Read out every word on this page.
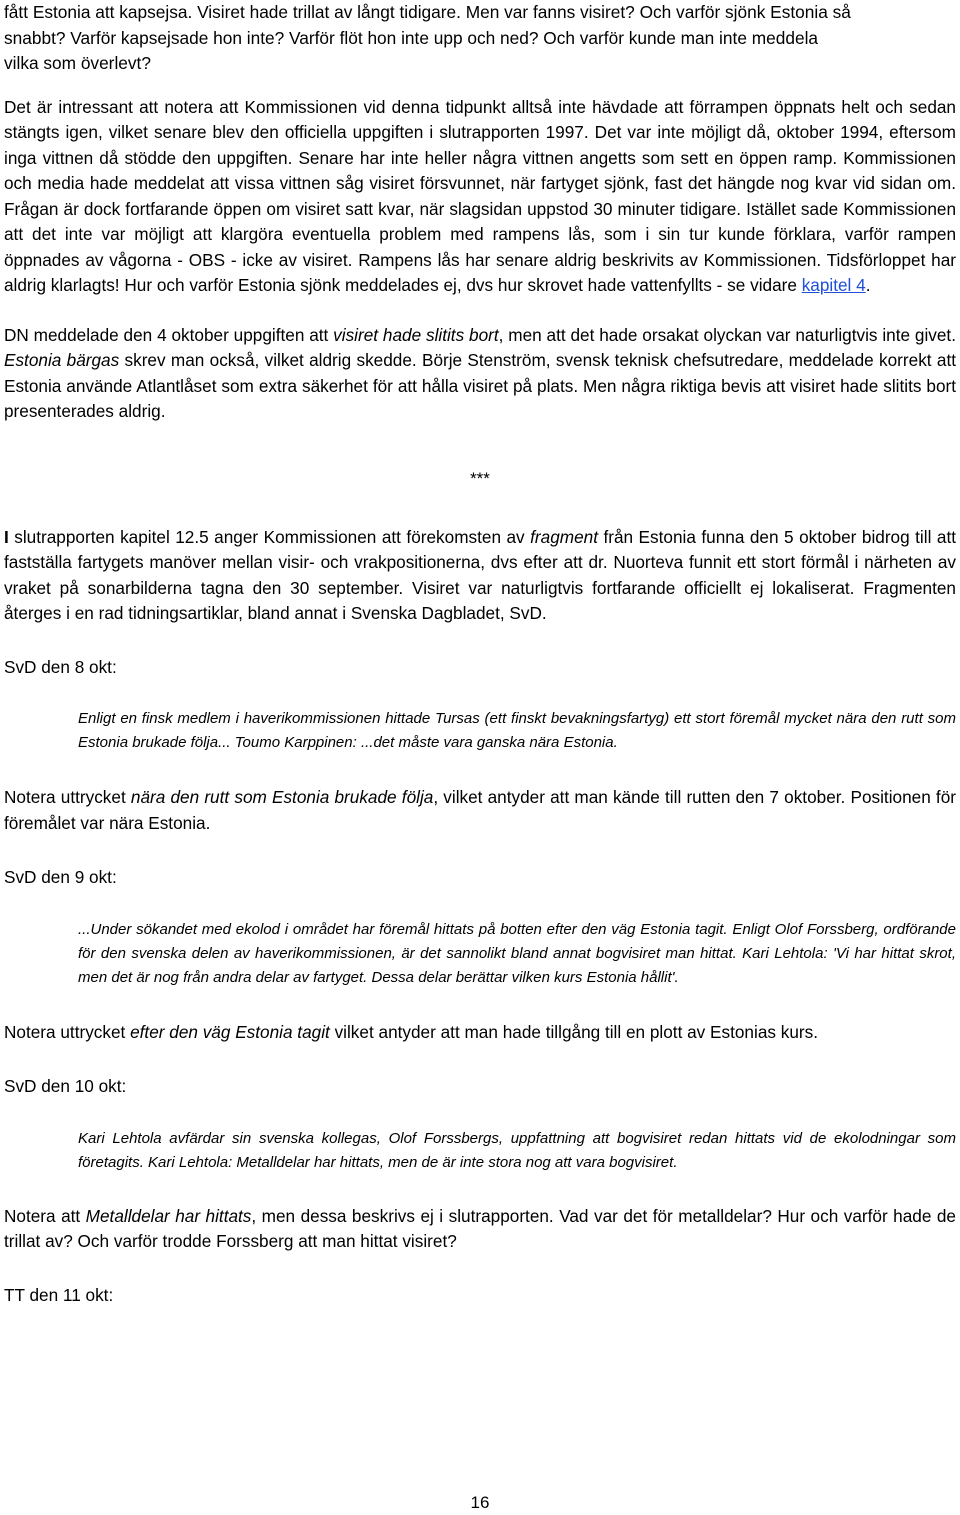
fått Estonia att kapsejsa. Visiret hade trillat av långt tidigare. Men var fanns visiret? Och varför sjönk Estonia så

snabbt? Varför kapsejsade hon inte? Varför flöt hon inte upp och ned? Och varför kunde man inte meddela

vilka som överlevt?

Det är intressant att notera att Kommissionen vid denna tidpunkt alltså inte hävdade att förrampen öppnats helt och sedan stängts igen, vilket senare blev den officiella uppgiften i slutrapporten 1997. Det var inte möjligt då, oktober 1994, eftersom inga vittnen då stödde den uppgiften. Senare har inte heller några vittnen angetts som sett en öppen ramp. Kommissionen och media hade meddelat att vissa vittnen såg visiret försvunnet, när fartyget sjönk, fast det hängde nog kvar vid sidan om. Frågan är dock fortfarande öppen om visiret satt kvar, när slagsidan uppstod 30 minuter tidigare. Istället sade Kommissionen att det inte var möjligt att klargöra eventuella problem med rampens lås, som i sin tur kunde förklara, varför rampen öppnades av vågorna - OBS - icke av visiret. Rampens lås har senare aldrig beskrivits av Kommissionen. Tidsförloppet har aldrig klarlagts! Hur och varför Estonia sjönk meddelades ej, dvs hur skrovet hade vattenfyllts - se vidare kapitel 4.

DN meddelade den 4 oktober uppgiften att visiret hade slitits bort, men att det hade orsakat olyckan var naturligtvis inte givet. Estonia bärgas skrev man också, vilket aldrig skedde. Börje Stenström, svensk teknisk chefsutredare, meddelade korrekt att Estonia använde Atlantlåset som extra säkerhet för att hålla visiret på plats. Men några riktiga bevis att visiret hade slitits bort presenterades aldrig.

***

I slutrapporten kapitel 12.5 anger Kommissionen att förekomsten av fragment från Estonia funna den 5 oktober bidrog till att fastställa fartygets manöver mellan visir- och vrakpositionerna, dvs efter att dr. Nuorteva funnit ett stort förmål i närheten av vraket på sonarbilderna tagna den 30 september. Visiret var naturligtvis fortfarande officiellt ej lokaliserat. Fragmenten återges i en rad tidningsartiklar, bland annat i Svenska Dagbladet, SvD.

SvD den 8 okt:

Enligt en finsk medlem i haverikommissionen hittade Tursas (ett finskt bevakningsfartyg) ett stort föremål mycket nära den rutt som Estonia brukade följa... Toumo Karppinen: ...det måste vara ganska nära Estonia.

Notera uttrycket nära den rutt som Estonia brukade följa, vilket antyder att man kände till rutten den 7 oktober. Positionen för föremålet var nära Estonia.

SvD den 9 okt:

...Under sökandet med ekolod i området har föremål hittats på botten efter den väg Estonia tagit. Enligt Olof Forssberg, ordförande för den svenska delen av haverikommissionen, är det sannolikt bland annat bogvisiret man hittat. Kari Lehtola: 'Vi har hittat skrot, men det är nog från andra delar av fartyget. Dessa delar berättar vilken kurs Estonia hållit'.

Notera uttrycket efter den väg Estonia tagit vilket antyder att man hade tillgång till en plott av Estonias kurs.

SvD den 10 okt:

Kari Lehtola avfärdar sin svenska kollegas, Olof Forssbergs, uppfattning att bogvisiret redan hittats vid de ekolodningar som företagits. Kari Lehtola: Metalldelar har hittats, men de är inte stora nog att vara bogvisiret.

Notera att Metalldelar har hittats, men dessa beskrivs ej i slutrapporten. Vad var det för metalldelar? Hur och varför hade de trillat av? Och varför trodde Forssberg att man hittat visiret?

TT den 11 okt:

16
